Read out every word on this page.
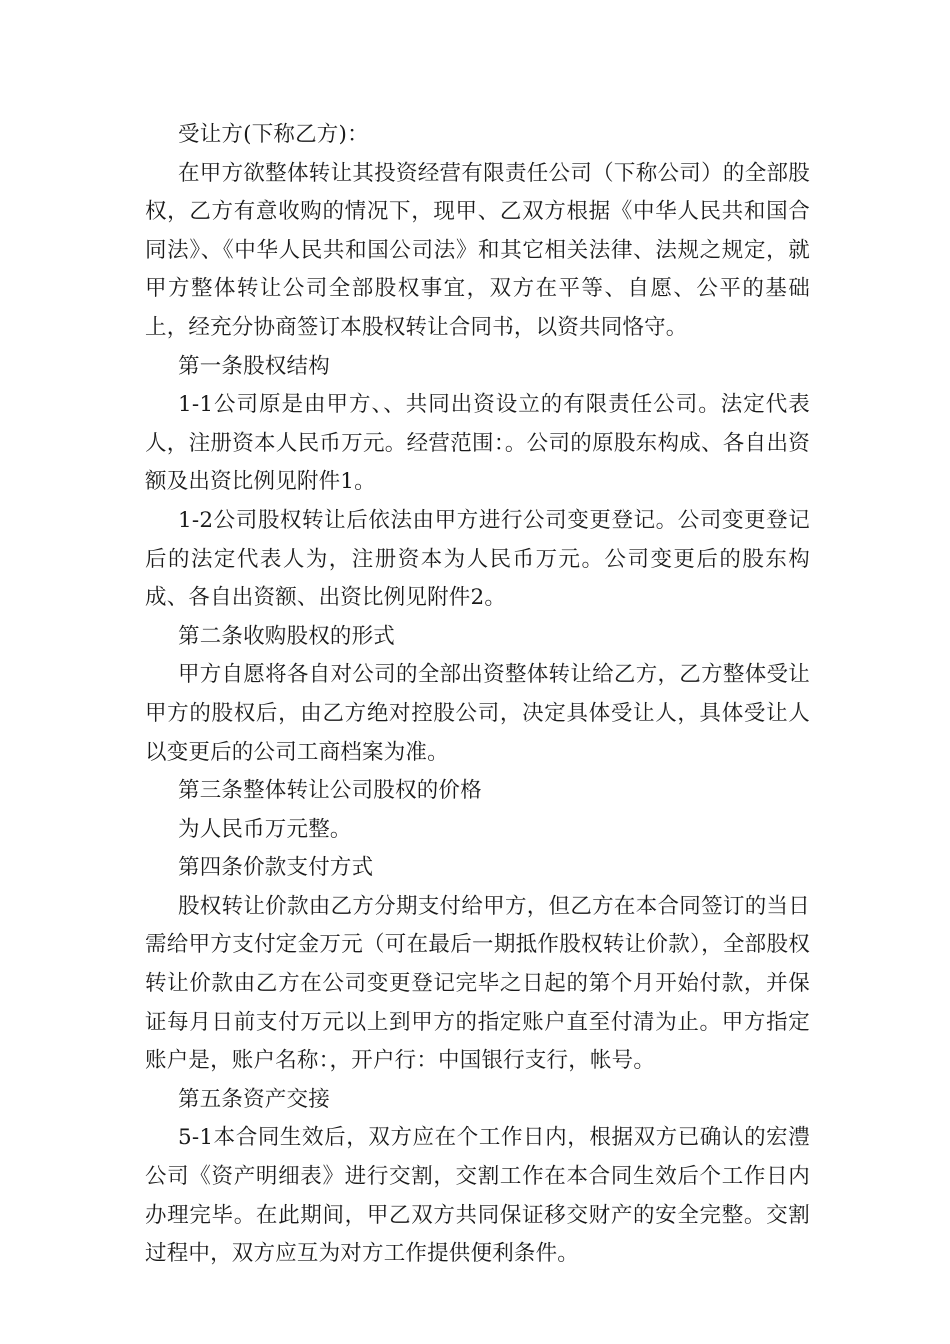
受让方(下称乙方)：

在甲方欲整体转让其投资经营有限责任公司（下称公司）的全部股权，乙方有意收购的情况下，现甲、乙双方根据《中华人民共和国合同法》、《中华人民共和国公司法》和其它相关法律、法规之规定，就甲方整体转让公司全部股权事宜，双方在平等、自愿、公平的基础上，经充分协商签订本股权转让合同书，以资共同恪守。

第一条股权结构

1-1公司原是由甲方、、共同出资设立的有限责任公司。法定代表人，注册资本人民币万元。经营范围：。公司的原股东构成、各自出资额及出资比例见附件1。

1-2公司股权转让后依法由甲方进行公司变更登记。公司变更登记后的法定代表人为，注册资本为人民币万元。公司变更后的股东构成、各自出资额、出资比例见附件2。

第二条收购股权的形式

甲方自愿将各自对公司的全部出资整体转让给乙方，乙方整体受让甲方的股权后，由乙方绝对控股公司，决定具体受让人，具体受让人以变更后的公司工商档案为准。

第三条整体转让公司股权的价格

为人民币万元整。

第四条价款支付方式

股权转让价款由乙方分期支付给甲方，但乙方在本合同签订的当日需给甲方支付定金万元（可在最后一期抵作股权转让价款），全部股权转让价款由乙方在公司变更登记完毕之日起的第个月开始付款，并保证每月日前支付万元以上到甲方的指定账户直至付清为止。甲方指定账户是，账户名称：，开户行：中国银行支行，帐号。

第五条资产交接

5-1本合同生效后，双方应在个工作日内，根据双方已确认的宏澧公司《资产明细表》进行交割，交割工作在本合同生效后个工作日内办理完毕。在此期间，甲乙双方共同保证移交财产的安全完整。交割过程中，双方应互为对方工作提供便利条件。
